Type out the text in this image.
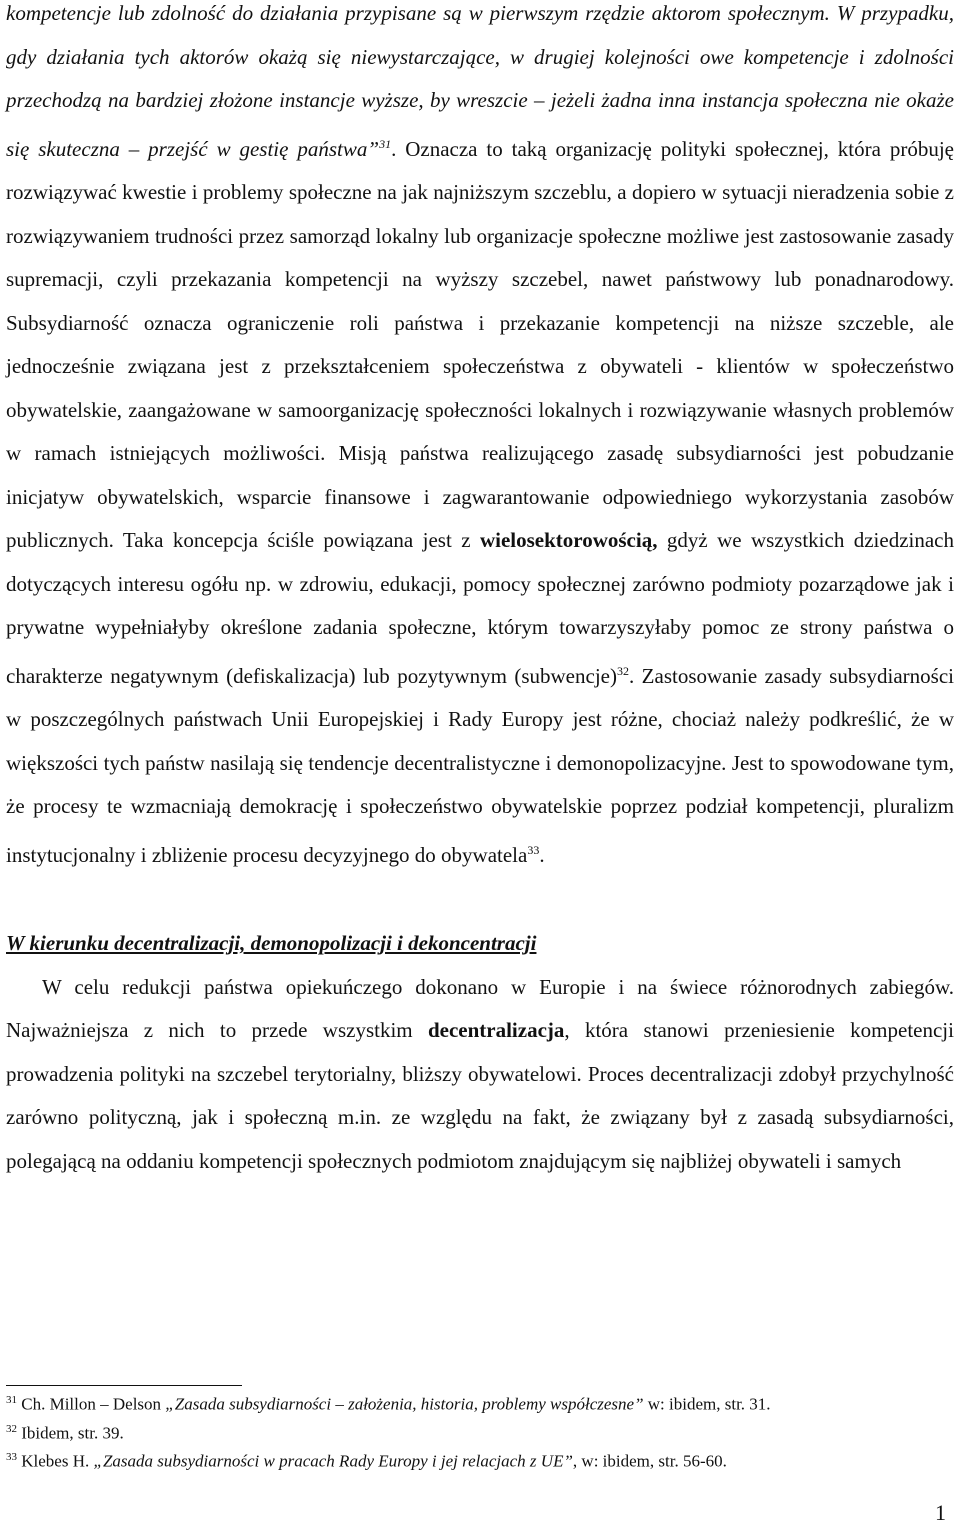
kompetencje lub zdolność do działania przypisane są w pierwszym rzędzie aktorom społecznym. W przypadku, gdy działania tych aktorów okażą się niewystarczające, w drugiej kolejności owe kompetencje i zdolności przechodzą na bardziej złożone instancje wyższe, by wreszcie – jeżeli żadna inna instancja społeczna nie okaże się skuteczna – przejść w gestię państwa”$^{31}$. Oznacza to taką organizację polityki społecznej, która próbuję rozwiązywać kwestie i problemy społeczne na jak najniższym szczeblu, a dopiero w sytuacji nieradzenia sobie z rozwiązywaniem trudności przez samorząd lokalny lub organizacje społeczne możliwe jest zastosowanie zasady supremacji, czyli przekazania kompetencji na wyższy szczebel, nawet państwowy lub ponadnarodowy. Subsydiarność oznacza ograniczenie roli państwa i przekazanie kompetencji na niższe szczeble, ale jednocześnie związana jest z przekształceniem społeczeństwa z obywateli - klientów w społeczeństwo obywatelskie, zaangażowane w samoorganizację społeczności lokalnych i rozwiązywanie własnych problemów w ramach istniejących możliwości. Misją państwa realizującego zasadę subsydiarności jest pobudzanie inicjatyw obywatelskich, wsparcie finansowe i zagwarantowanie odpowiedniego wykorzystania zasobów publicznych. Taka koncepcja ściśle powiązana jest z wielosektorowością, gdyż we wszystkich dziedzinach dotyczących interesu ogółu np. w zdrowiu, edukacji, pomocy społecznej zarówno podmioty pozarządowe jak i prywatne wypełniałyby określone zadania społeczne, którym towarzyszyłaby pomoc ze strony państwa o charakterze negatywnym (defiskalizacja) lub pozytywnym (subwencje)$^{32}$. Zastosowanie zasady subsydiarności w poszczególnych państwach Unii Europejskiej i Rady Europy jest różne, chociaż należy podkreślić, że w większości tych państw nasilają się tendencje decentralistyczne i demonopolizacyjne. Jest to spowodowane tym, że procesy te wzmacniają demokrację i społeczeństwo obywatelskie poprzez podział kompetencji, pluralizm instytucjonalny i zbliżenie procesu decyzyjnego do obywatela$^{33}$.

W kierunku decentralizacji, demonopolizacji i dekoncentracji

W celu redukcji państwa opiekuńczego dokonano w Europie i na świece różnorodnych zabiegów. Najważniejsza z nich to przede wszystkim decentralizacja, która stanowi przeniesienie kompetencji prowadzenia polityki na szczebel terytorialny, bliższy obywatelowi. Proces decentralizacji zdobył przychylność zarówno polityczną, jak i społeczną m.in. ze względu na fakt, że związany był z zasadą subsydiarności, polegającą na oddaniu kompetencji społecznych podmiotom znajdującym się najbliżej obywateli i samych

$^{31}$ Ch. Millon – Delson „Zasada subsydiarności – założenia, historia, problemy współczesne” w: ibidem, str. 31.

$^{32}$ Ibidem, str. 39.

$^{33}$ Klebes H. „Zasada subsydiarności w pracach Rady Europy i jej relacjach z UE”, w: ibidem, str. 56-60.

1
